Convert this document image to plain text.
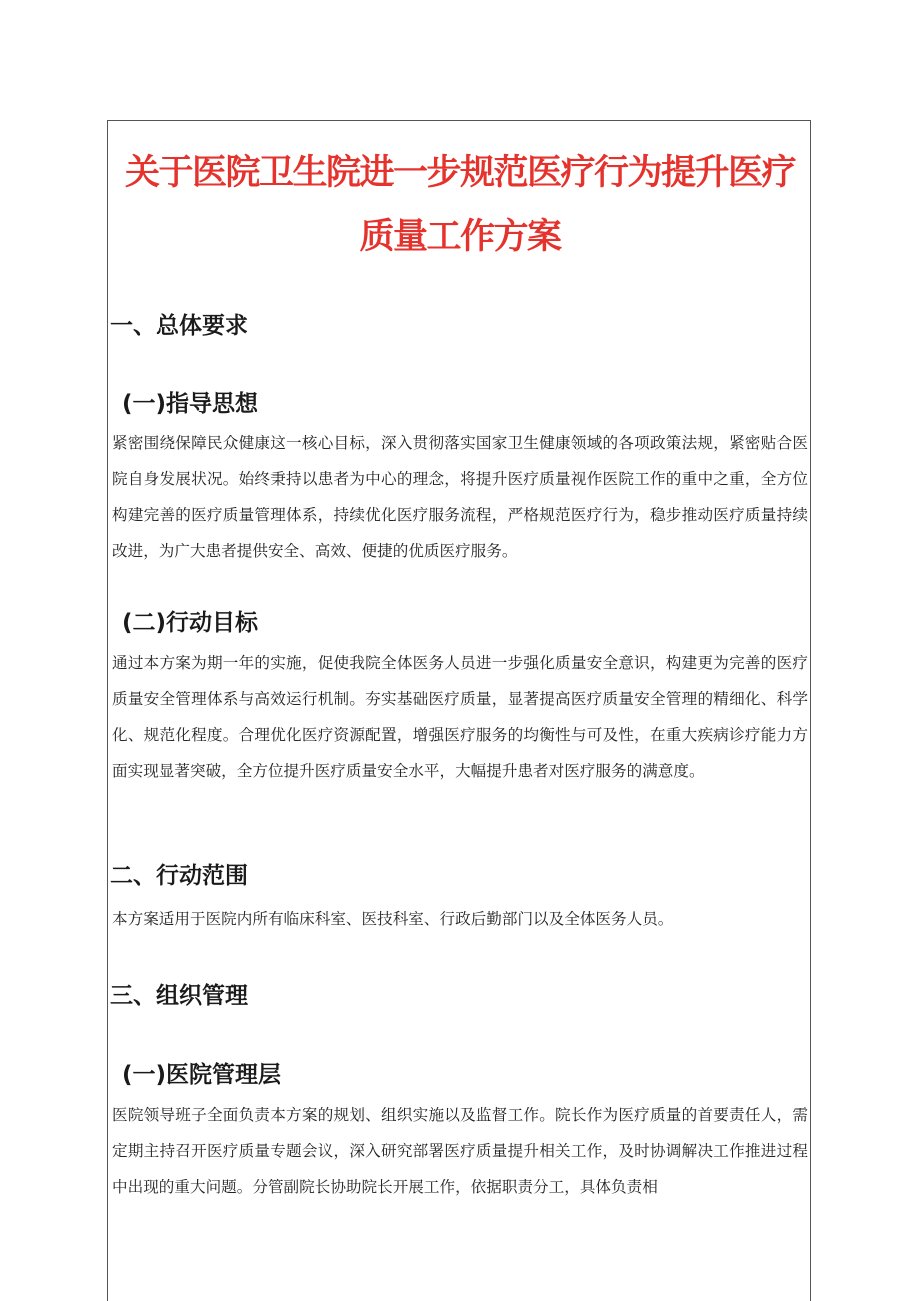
关于医院卫生院进一步规范医疗行为提升医疗
质量工作方案
一、总体要求
(一)指导思想

紧密围绕保障民众健康这一核心目标，深入贯彻落实国家卫生健康领域的各项政策法规，紧密贴合医院自身发展状况。始终秉持以患者为中心的理念，将提升医疗质量视作医院工作的重中之重，全方位构建完善的医疗质量管理体系，持续优化医疗服务流程，严格规范医疗行为，稳步推动医疗质量持续改进，为广大患者提供安全、高效、便捷的优质医疗服务。

(二)行动目标

通过本方案为期一年的实施，促使我院全体医务人员进一步强化质量安全意识，构建更为完善的医疗质量安全管理体系与高效运行机制。夯实基础医疗质量，显著提高医疗质量安全管理的精细化、科学化、规范化程度。合理优化医疗资源配置，增强医疗服务的均衡性与可及性，在重大疾病诊疗能力方面实现显著突破，全方位提升医疗质量安全水平，大幅提升患者对医疗服务的满意度。

二、行动范围

本方案适用于医院内所有临床科室、医技科室、行政后勤部门以及全体医务人员。

三、组织管理
(一)医院管理层

医院领导班子全面负责本方案的规划、组织实施以及监督工作。院长作为医疗质量的首要责任人，需定期主持召开医疗质量专题会议，深入研究部署医疗质量提升相关工作，及时协调解决工作推进过程中出现的重大问题。分管副院长协助院长开展工作，依据职责分工，具体负责相
